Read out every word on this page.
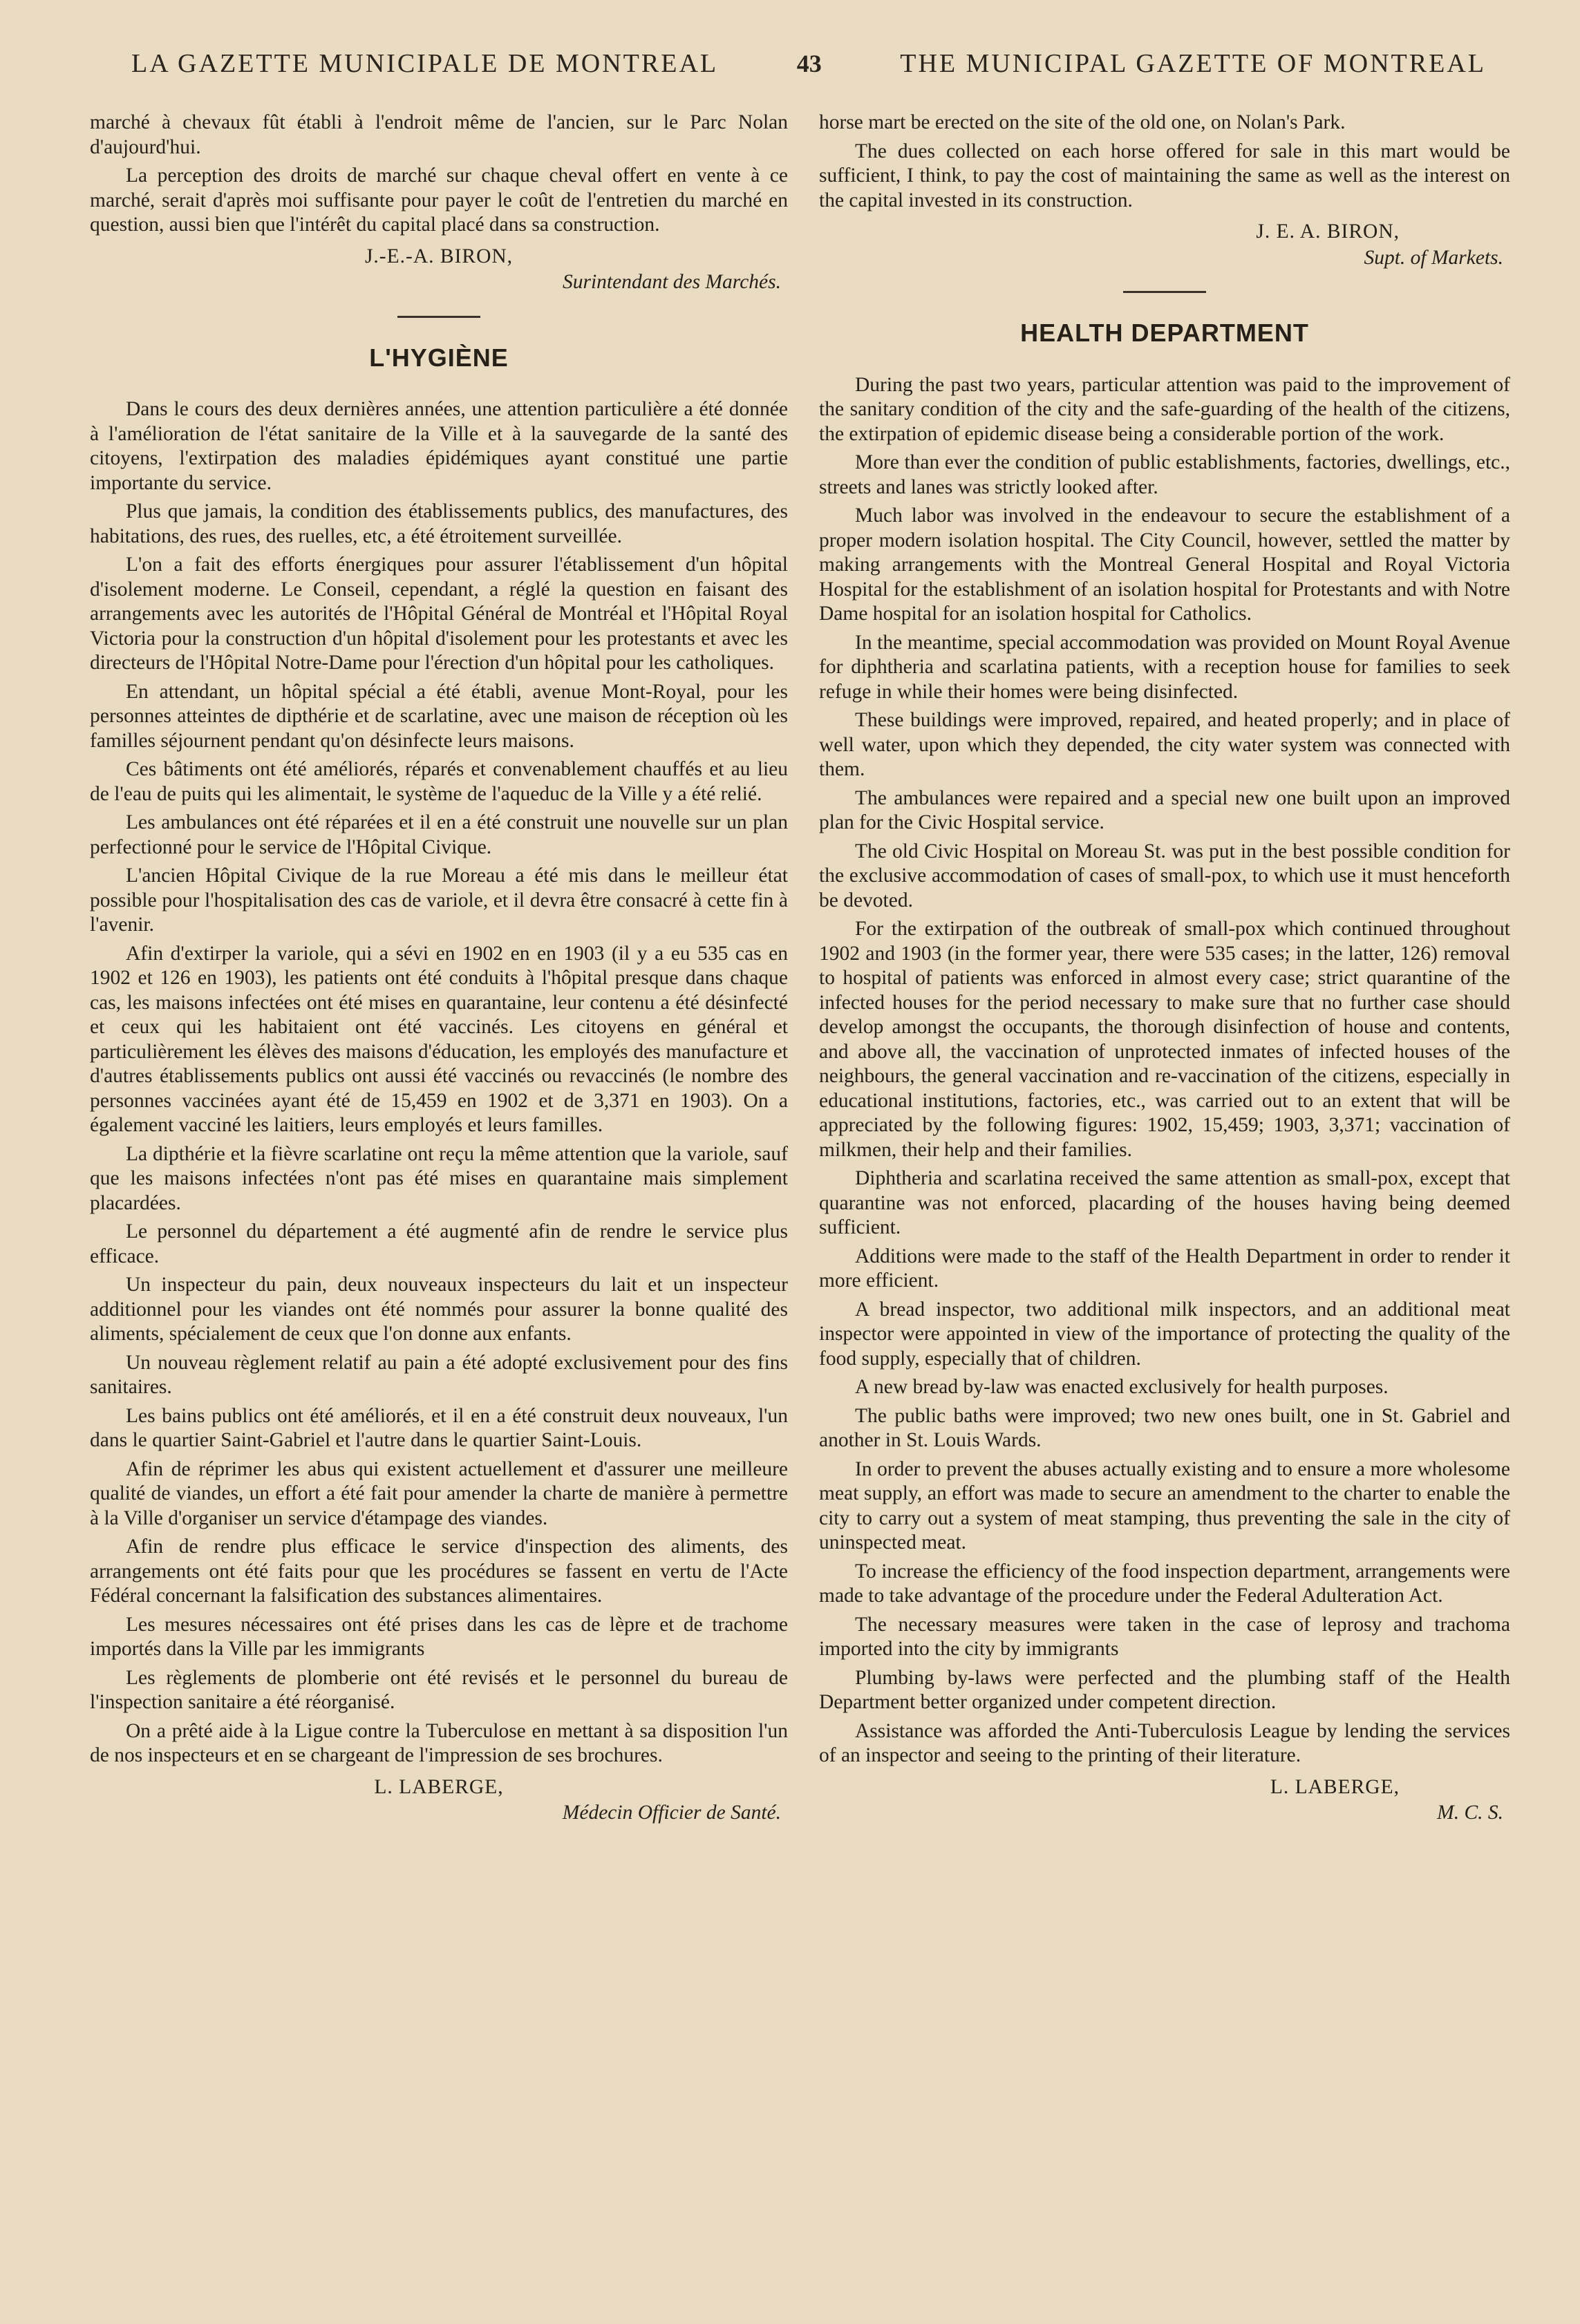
LA GAZETTE MUNICIPALE DE MONTREAL	43	THE MUNICIPAL GAZETTE OF MONTREAL

marché à chevaux fût établi à l'endroit même de l'ancien, sur le Parc Nolan d'aujourd'hui.

La perception des droits de marché sur chaque cheval offert en vente à ce marché, serait d'après moi suffisante pour payer le coût de l'entretien du marché en question, aussi bien que l'intérêt du capital placé dans sa construction.

J.-E.-A. BIRON,
Surintendant des Marchés.
L'HYGIÈNE

Dans le cours des deux dernières années, une attention particulière a été donnée à l'amélioration de l'état sanitaire de la Ville et à la sauvegarde de la santé des citoyens, l'extirpation des maladies épidémiques ayant constitué une partie importante du service.

Plus que jamais, la condition des établissements publics, des manufactures, des habitations, des rues, des ruelles, etc, a été étroitement surveillée.

L'on a fait des efforts énergiques pour assurer l'établissement d'un hôpital d'isolement moderne. Le Conseil, cependant, a réglé la question en faisant des arrangements avec les autorités de l'Hôpital Général de Montréal et l'Hôpital Royal Victoria pour la construction d'un hôpital d'isolement pour les protestants et avec les directeurs de l'Hôpital Notre-Dame pour l'érection d'un hôpital pour les catholiques.

En attendant, un hôpital spécial a été établi, avenue Mont-Royal, pour les personnes atteintes de dipthérie et de scarlatine, avec une maison de réception où les familles séjournent pendant qu'on désinfecte leurs maisons.

Ces bâtiments ont été améliorés, réparés et convenablement chauffés et au lieu de l'eau de puits qui les alimentait, le système de l'aqueduc de la Ville y a été relié.

Les ambulances ont été réparées et il en a été construit une nouvelle sur un plan perfectionné pour le service de l'Hôpital Civique.

L'ancien Hôpital Civique de la rue Moreau a été mis dans le meilleur état possible pour l'hospitalisation des cas de variole, et il devra être consacré à cette fin à l'avenir.

Afin d'extirper la variole, qui a sévi en 1902 en en 1903 (il y a eu 535 cas en 1902 et 126 en 1903), les patients ont été conduits à l'hôpital presque dans chaque cas, les maisons infectées ont été mises en quarantaine, leur contenu a été désinfecté et ceux qui les habitaient ont été vaccinés. Les citoyens en général et particulièrement les élèves des maisons d'éducation, les employés des manufacture et d'autres établissements publics ont aussi été vaccinés ou revaccinés (le nombre des personnes vaccinées ayant été de 15,459 en 1902 et de 3,371 en 1903). On a également vacciné les laitiers, leurs employés et leurs familles.

La dipthérie et la fièvre scarlatine ont reçu la même attention que la variole, sauf que les maisons infectées n'ont pas été mises en quarantaine mais simplement placardées.

Le personnel du département a été augmenté afin de rendre le service plus efficace.

Un inspecteur du pain, deux nouveaux inspecteurs du lait et un inspecteur additionnel pour les viandes ont été nommés pour assurer la bonne qualité des aliments, spécialement de ceux que l'on donne aux enfants.

Un nouveau règlement relatif au pain a été adopté exclusivement pour des fins sanitaires.

Les bains publics ont été améliorés, et il en a été construit deux nouveaux, l'un dans le quartier Saint-Gabriel et l'autre dans le quartier Saint-Louis.

Afin de réprimer les abus qui existent actuellement et d'assurer une meilleure qualité de viandes, un effort a été fait pour amender la charte de manière à permettre à la Ville d'organiser un service d'étampage des viandes.

Afin de rendre plus efficace le service d'inspection des aliments, des arrangements ont été faits pour que les procédures se fassent en vertu de l'Acte Fédéral concernant la falsification des substances alimentaires.

Les mesures nécessaires ont été prises dans les cas de lèpre et de trachome importés dans la Ville par les immigrants

Les règlements de plomberie ont été revisés et le personnel du bureau de l'inspection sanitaire a été réorganisé.

On a prêté aide à la Ligue contre la Tuberculose en mettant à sa disposition l'un de nos inspecteurs et en se chargeant de l'impression de ses brochures.

L. LABERGE,
Médecin Officier de Santé.

horse mart be erected on the site of the old one, on Nolan's Park.

The dues collected on each horse offered for sale in this mart would be sufficient, I think, to pay the cost of maintaining the same as well as the interest on the capital invested in its construction.

J. E. A. BIRON,
Supt. of Markets.
HEALTH DEPARTMENT

During the past two years, particular attention was paid to the improvement of the sanitary condition of the city and the safe-guarding of the health of the citizens, the extirpation of epidemic disease being a considerable portion of the work.

More than ever the condition of public establishments, factories, dwellings, etc., streets and lanes was strictly looked after.

Much labor was involved in the endeavour to secure the establishment of a proper modern isolation hospital. The City Council, however, settled the matter by making arrangements with the Montreal General Hospital and Royal Victoria Hospital for the establishment of an isolation hospital for Protestants and with Notre Dame hospital for an isolation hospital for Catholics.

In the meantime, special accommodation was provided on Mount Royal Avenue for diphtheria and scarlatina patients, with a reception house for families to seek refuge in while their homes were being disinfected.

These buildings were improved, repaired, and heated properly; and in place of well water, upon which they depended, the city water system was connected with them.

The ambulances were repaired and a special new one built upon an improved plan for the Civic Hospital service.

The old Civic Hospital on Moreau St. was put in the best possible condition for the exclusive accommodation of cases of small-pox, to which use it must henceforth be devoted.

For the extirpation of the outbreak of small-pox which continued throughout 1902 and 1903 (in the former year, there were 535 cases; in the latter, 126) removal to hospital of patients was enforced in almost every case; strict quarantine of the infected houses for the period necessary to make sure that no further case should develop amongst the occupants, the thorough disinfection of house and contents, and above all, the vaccination of unprotected inmates of infected houses of the neighbours, the general vaccination and re-vaccination of the citizens, especially in educational institutions, factories, etc., was carried out to an extent that will be appreciated by the following figures: 1902, 15,459; 1903, 3,371; vaccination of milkmen, their help and their families.

Diphtheria and scarlatina received the same attention as small-pox, except that quarantine was not enforced, placarding of the houses having being deemed sufficient.

Additions were made to the staff of the Health Department in order to render it more efficient.

A bread inspector, two additional milk inspectors, and an additional meat inspector were appointed in view of the importance of protecting the quality of the food supply, especially that of children.

A new bread by-law was enacted exclusively for health purposes.

The public baths were improved; two new ones built, one in St. Gabriel and another in St. Louis Wards.

In order to prevent the abuses actually existing and to ensure a more wholesome meat supply, an effort was made to secure an amendment to the charter to enable the city to carry out a system of meat stamping, thus preventing the sale in the city of uninspected meat.

To increase the efficiency of the food inspection department, arrangements were made to take advantage of the procedure under the Federal Adulteration Act.

The necessary measures were taken in the case of leprosy and trachoma imported into the city by immigrants

Plumbing by-laws were perfected and the plumbing staff of the Health Department better organized under competent direction.

Assistance was afforded the Anti-Tuberculosis League by lending the services of an inspector and seeing to the printing of their literature.

L. LABERGE,
M. C. S.
